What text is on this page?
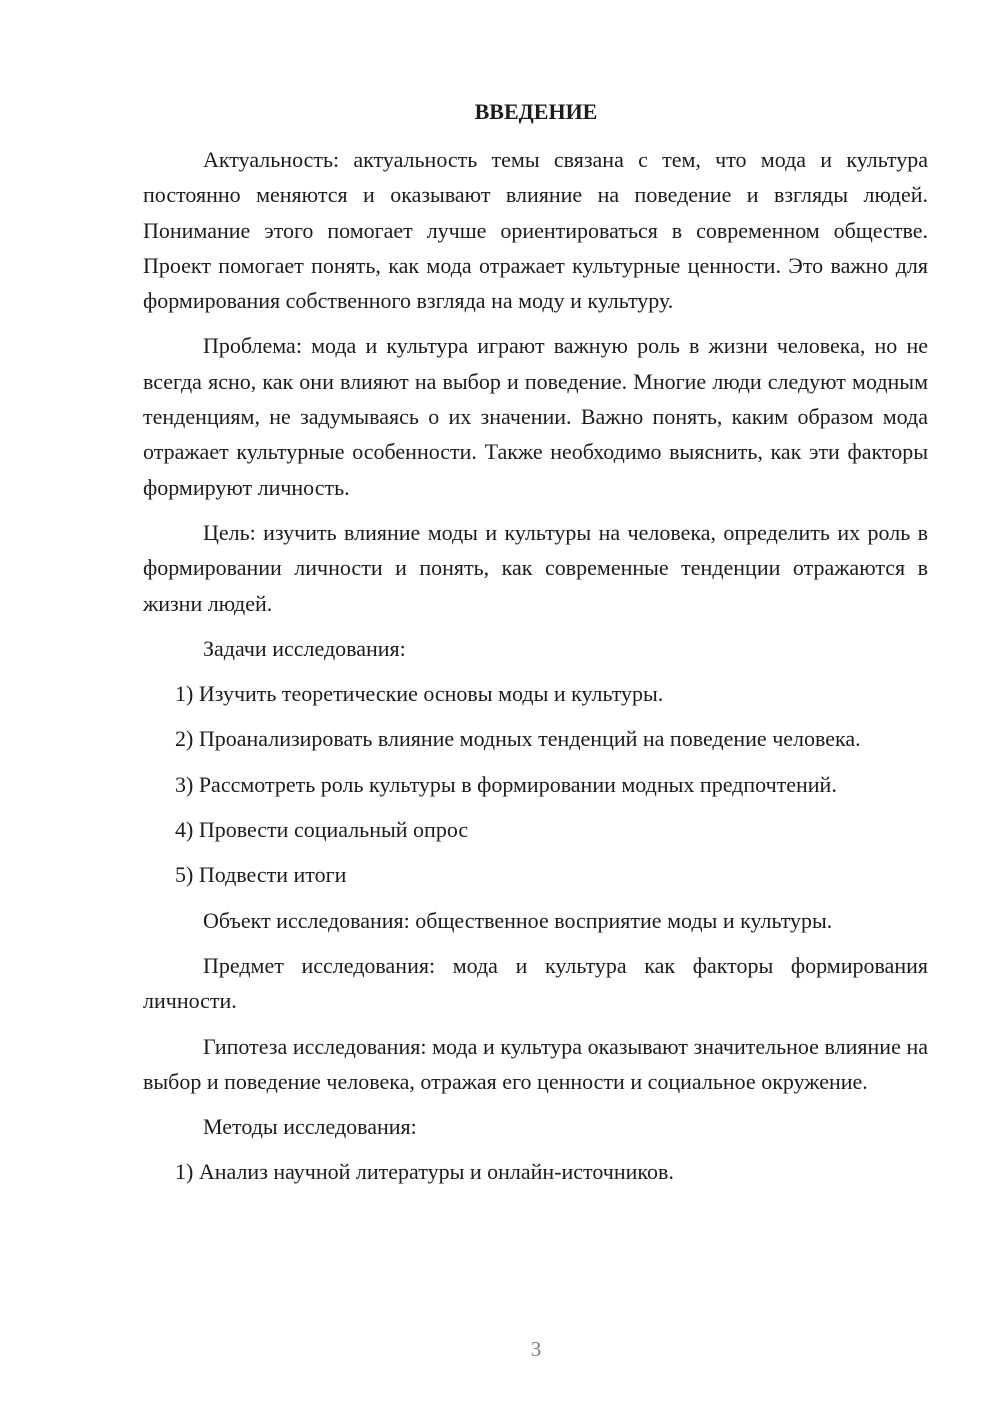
ВВЕДЕНИЕ

Актуальность: актуальность темы связана с тем, что мода и культура постоянно меняются и оказывают влияние на поведение и взгляды людей. Понимание этого помогает лучше ориентироваться в современном обществе. Проект помогает понять, как мода отражает культурные ценности. Это важно для формирования собственного взгляда на моду и культуру.

Проблема: мода и культура играют важную роль в жизни человека, но не всегда ясно, как они влияют на выбор и поведение. Многие люди следуют модным тенденциям, не задумываясь о их значении. Важно понять, каким образом мода отражает культурные особенности. Также необходимо выяснить, как эти факторы формируют личность.

Цель: изучить влияние моды и культуры на человека, определить их роль в формировании личности и понять, как современные тенденции отражаются в жизни людей.

Задачи исследования:

1) Изучить теоретические основы моды и культуры.

2) Проанализировать влияние модных тенденций на поведение человека.

3) Рассмотреть роль культуры в формировании модных предпочтений.

4) Провести социальный опрос

5) Подвести итоги

Объект исследования: общественное восприятие моды и культуры.

Предмет исследования: мода и культура как факторы формирования личности.

Гипотеза исследования: мода и культура оказывают значительное влияние на выбор и поведение человека, отражая его ценности и социальное окружение.

Методы исследования:

1) Анализ научной литературы и онлайн-источников.

3
